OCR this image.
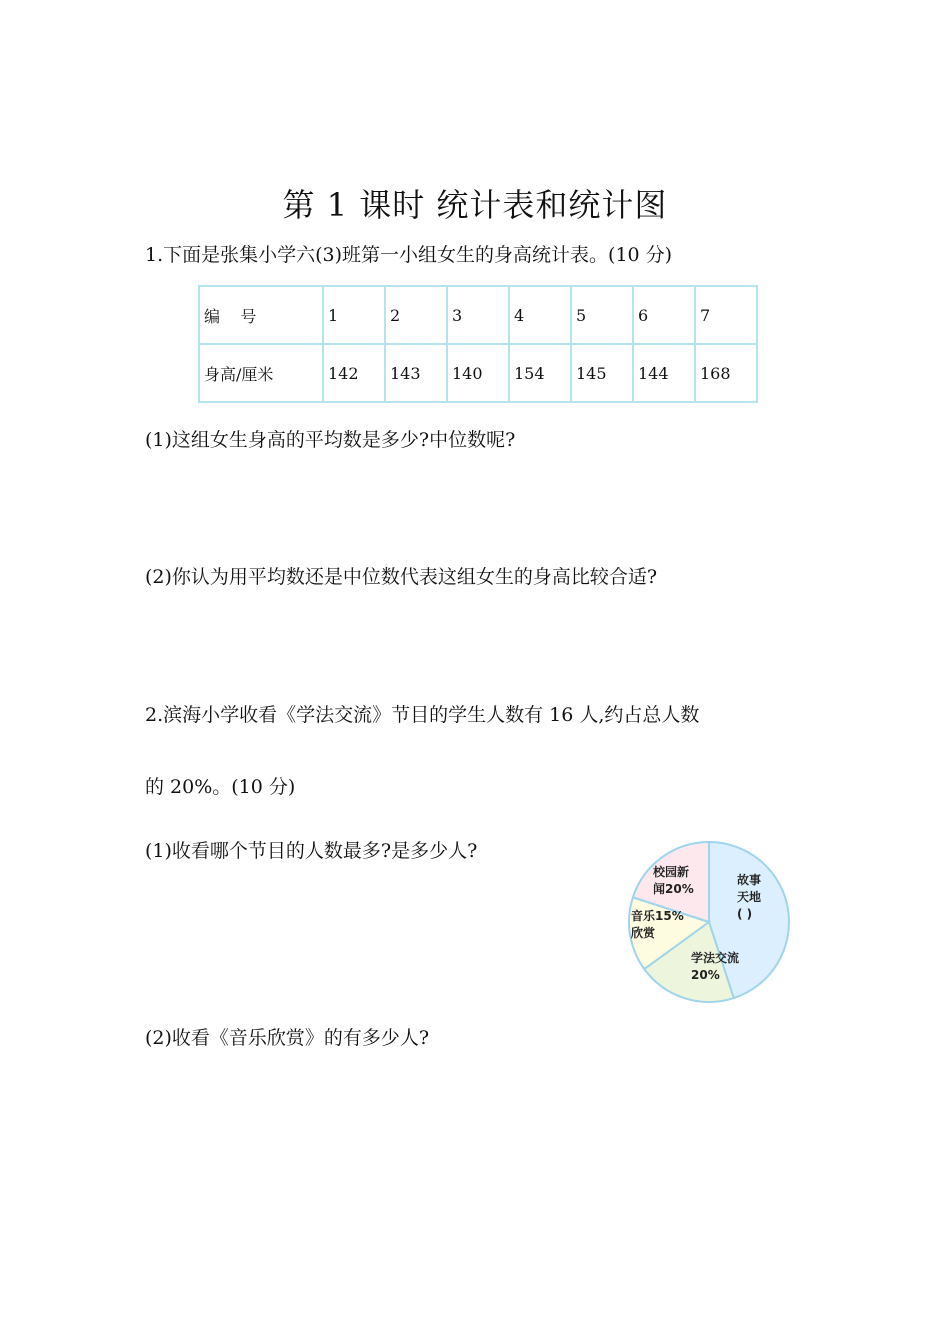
第 1 课时 统计表和统计图
1.下面是张集小学六(3)班第一小组女生的身高统计表。(10 分)
编    号	1	2	3	4	5	6	7
身高/厘米	142	143	140	154	145	144	168
(1)这组女生身高的平均数是多少?中位数呢?
(2)你认为用平均数还是中位数代表这组女生的身高比较合适?
2.滨海小学收看《学法交流》节目的学生人数有 16 人,约占总人数
的 20%。(10 分)
(1)收看哪个节目的人数最多?是多少人?
(2)收看《音乐欣赏》的有多少人?
故事
天地
( )
学法交流
20%
音乐15%
欣赏
校园新
闻20%
